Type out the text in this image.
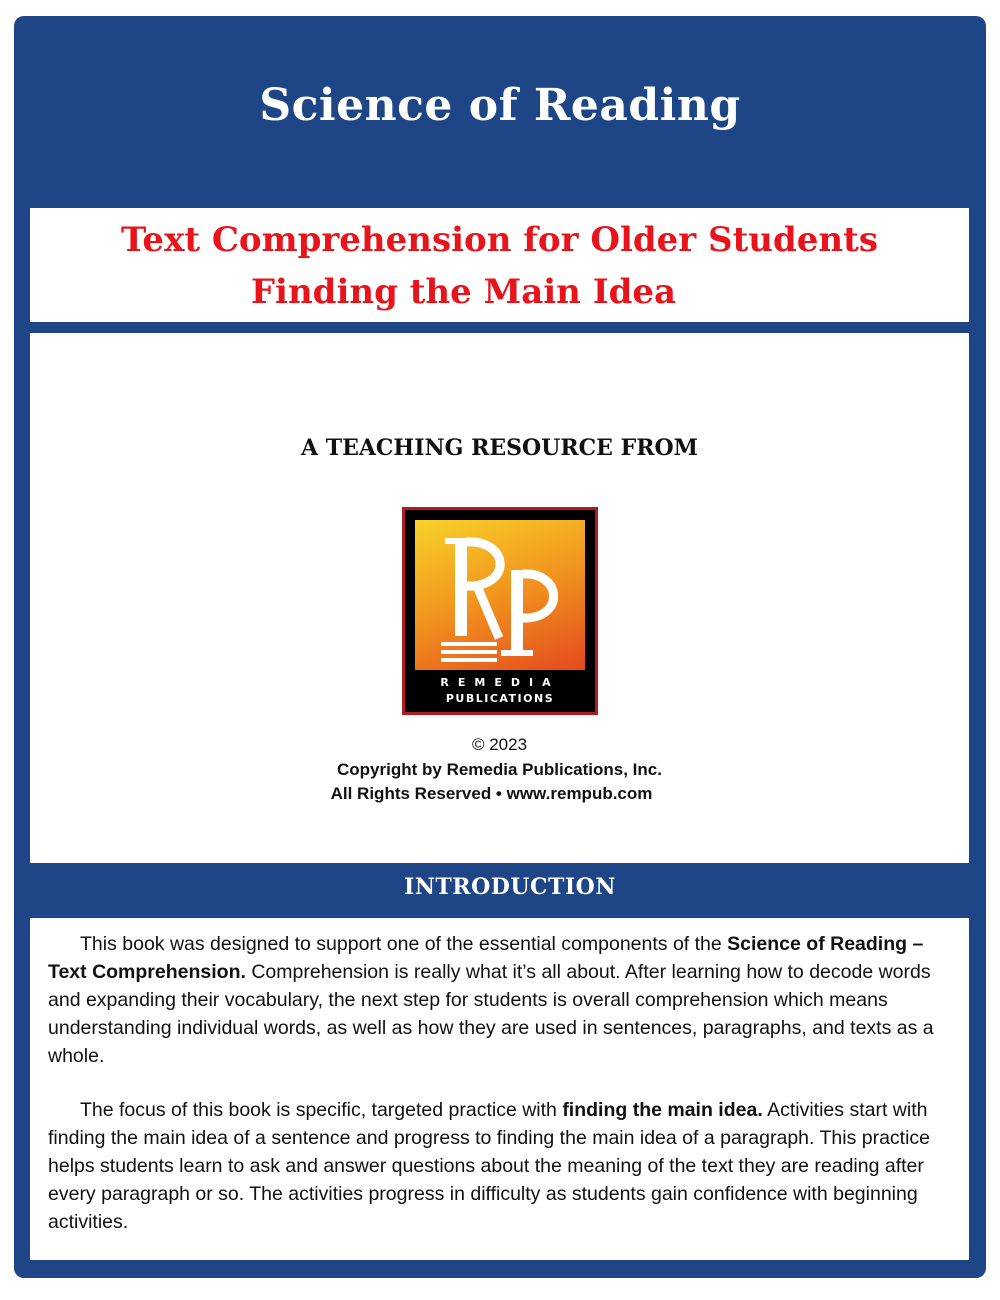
Science of Reading
Text Comprehension for Older Students
Finding the Main Idea
A TEACHING RESOURCE FROM
REMEDIA
PUBLICATIONS
© 2023
Copyright by Remedia Publications, Inc.
All Rights Reserved • www.rempub.com
INTRODUCTION

This book was designed to support one of the essential components of the Science of Reading – Text Comprehension. Comprehension is really what it’s all about. After learning how to decode words and expanding their vocabulary, the next step for students is overall comprehension which means understanding individual words, as well as how they are used in sentences, paragraphs, and texts as a whole.

The focus of this book is specific, targeted practice with finding the main idea. Activities start with finding the main idea of a sentence and progress to finding the main idea of a paragraph. This practice helps students learn to ask and answer questions about the meaning of the text they are reading after every paragraph or so. The activities progress in difficulty as students gain confidence with beginning activities.
